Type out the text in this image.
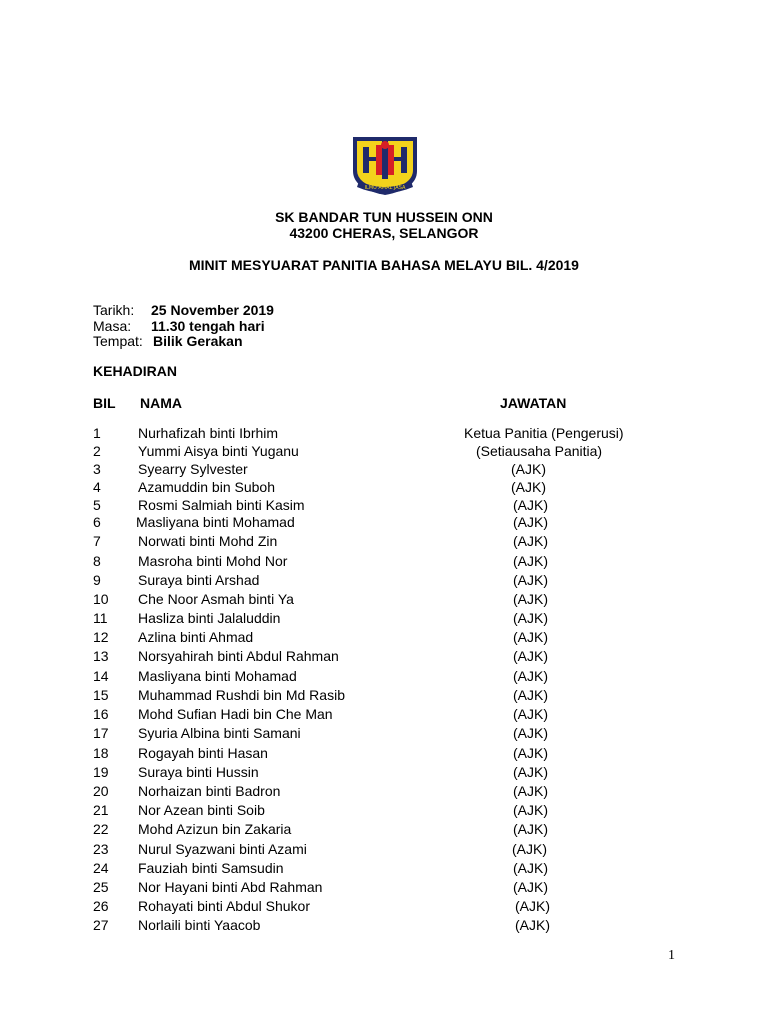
ILMU AMAL JASA
SK BANDAR TUN HUSSEIN ONN
43200 CHERAS, SELANGOR
MINIT MESYUARAT PANITIA BAHASA MELAYU BIL. 4/2019
Tarikh: 25 November 2019
Masa: 11.30 tengah hari
Tempat: Bilik Gerakan
KEHADIRAN
BIL NAMA	JAWATAN
1	Nurhafizah binti Ibrhim	Ketua Panitia (Pengerusi)
2	Yummi Aisya binti Yuganu	(Setiausaha Panitia)
3	Syearry Sylvester	(AJK)
4	Azamuddin bin Suboh	(AJK)
5	Rosmi Salmiah binti Kasim	(AJK)
6	Masliyana binti Mohamad	(AJK)
7	Norwati binti Mohd Zin	(AJK)
8	Masroha binti Mohd Nor	(AJK)
9	Suraya binti Arshad	(AJK)
10 Che Noor Asmah binti Ya	(AJK)
11 Hasliza binti Jalaluddin	(AJK)
12 Azlina binti Ahmad	(AJK)
13 Norsyahirah binti Abdul Rahman	(AJK)
14 Masliyana binti Mohamad	(AJK)
15 Muhammad Rushdi bin Md Rasib	(AJK)
16 Mohd Sufian Hadi bin Che Man	(AJK)
17 Syuria Albina binti Samani	(AJK)
18 Rogayah binti Hasan	(AJK)
19 Suraya binti Hussin	(AJK)
20 Norhaizan binti Badron	(AJK)
21 Nor Azean binti Soib	(AJK)
22 Mohd Azizun bin Zakaria	(AJK)
23 Nurul Syazwani binti Azami	(AJK)
24 Fauziah binti Samsudin	(AJK)
25 Nor Hayani binti Abd Rahman	(AJK)
26 Rohayati binti Abdul Shukor	(AJK)
27 Norlaili binti Yaacob	(AJK)
1
